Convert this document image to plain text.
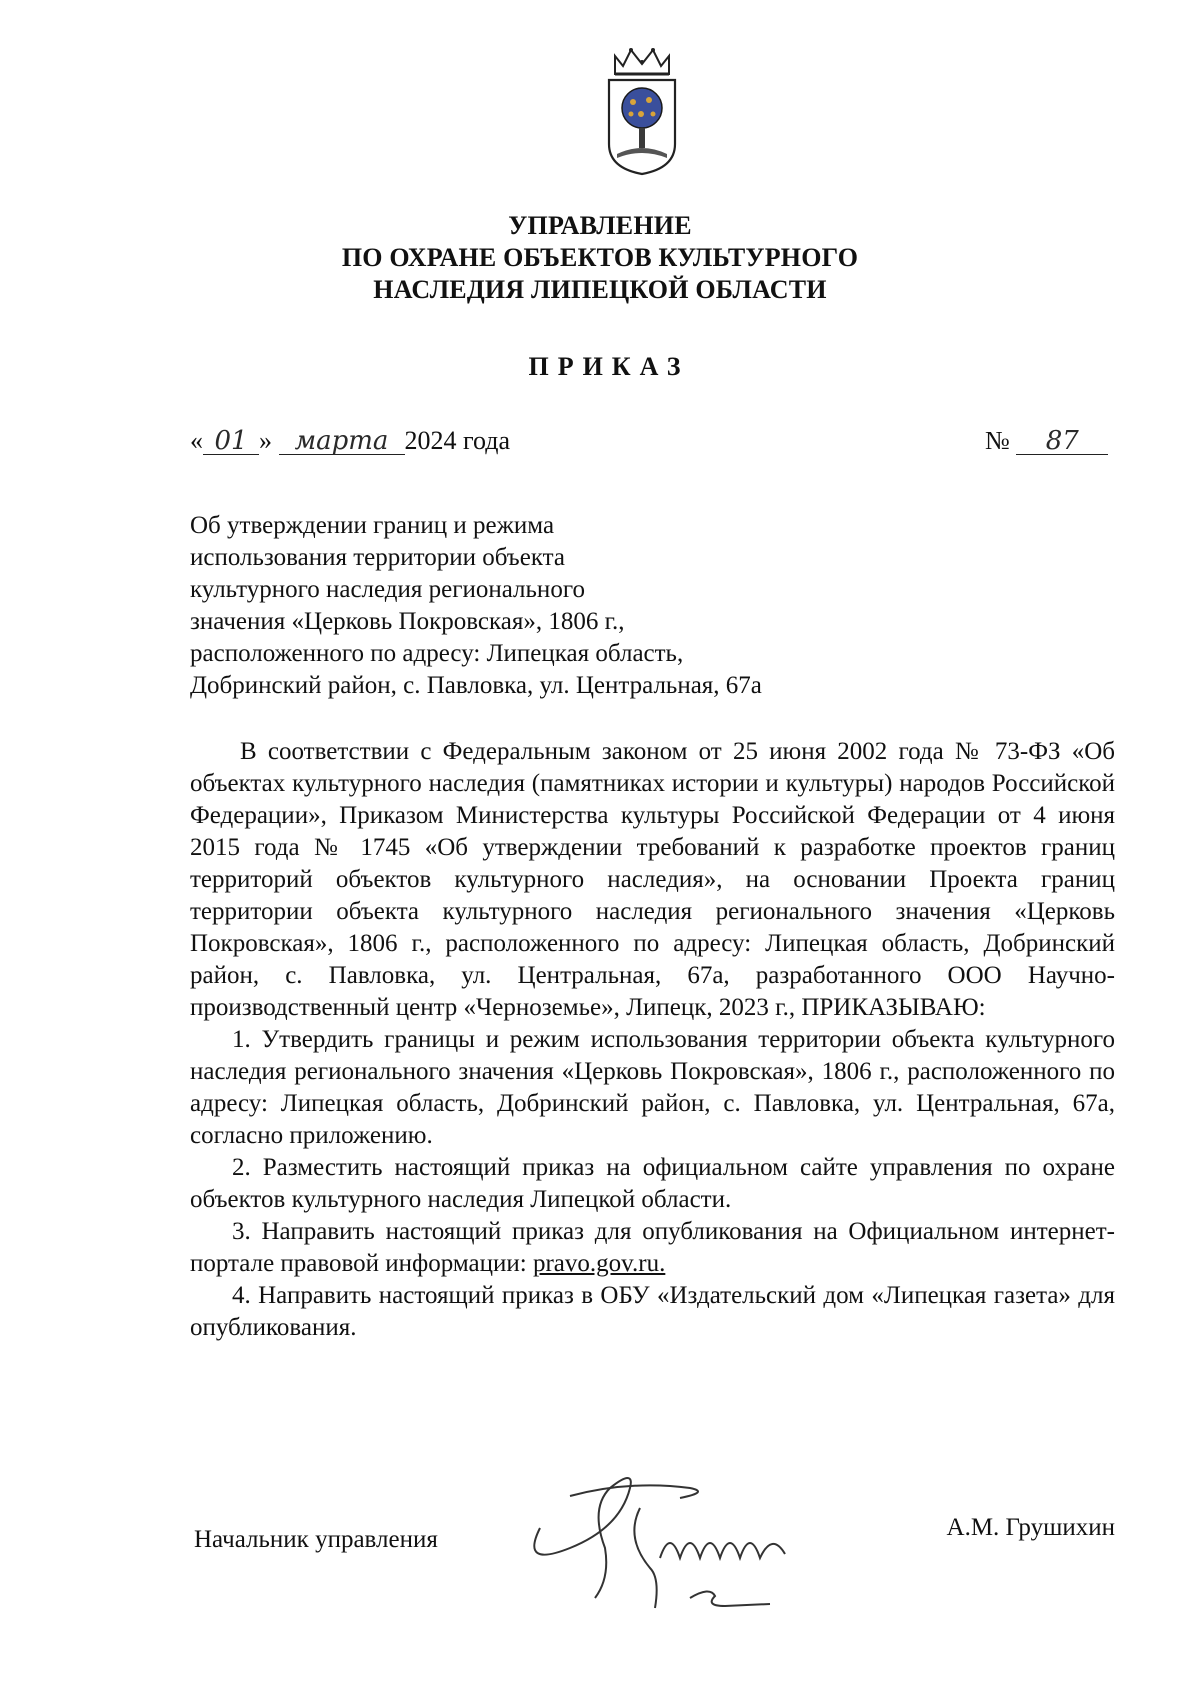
УПРАВЛЕНИЕ
ПО ОХРАНЕ ОБЪЕКТОВ КУЛЬТУРНОГО
НАСЛЕДИЯ ЛИПЕЦКОЙ ОБЛАСТИ
ПРИКАЗ
« 01 » марта 2024 года	№ 87
Об утверждении границ и режима
использования территории объекта
культурного наследия регионального
значения «Церковь Покровская», 1806 г.,
расположенного по адресу: Липецкая область,
Добринский район, с. Павловка, ул. Центральная, 67а

В соответствии с Федеральным законом от 25 июня 2002 года № 73-ФЗ «Об объектах культурного наследия (памятниках истории и культуры) народов Российской Федерации», Приказом Министерства культуры Российской Федерации от 4 июня 2015 года № 1745 «Об утверждении требований к разработке проектов границ территорий объектов культурного наследия», на основании Проекта границ территории объекта культурного наследия регионального значения «Церковь Покровская», 1806 г., расположенного по адресу: Липецкая область, Добринский район, с. Павловка, ул. Центральная, 67а, разработанного ООО Научно-производственный центр «Черноземье», Липецк, 2023 г., ПРИКАЗЫВАЮ:

1. Утвердить границы и режим использования территории объекта культурного наследия регионального значения «Церковь Покровская», 1806 г., расположенного по адресу: Липецкая область, Добринский район, с. Павловка, ул. Центральная, 67а, согласно приложению.

2. Разместить настоящий приказ на официальном сайте управления по охране объектов культурного наследия Липецкой области.

3. Направить настоящий приказ для опубликования на Официальном интернет-портале правовой информации: pravo.gov.ru.

4. Направить настоящий приказ в ОБУ «Издательский дом «Липецкая газета» для опубликования.

Начальник управления	А.М. Грушихин
